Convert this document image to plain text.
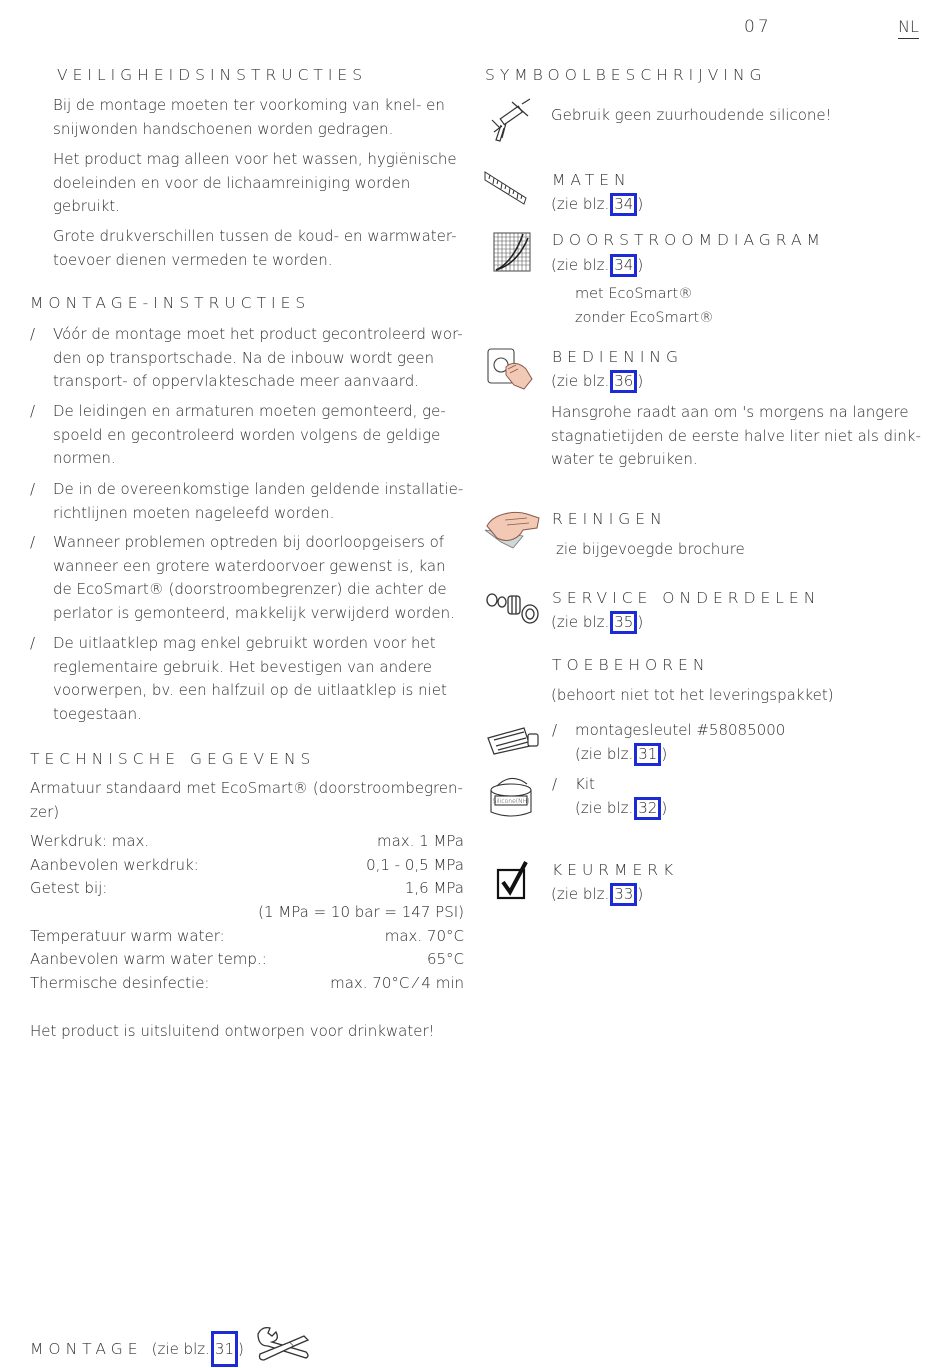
07	NL
VEILIGHEIDSINSTRUCTIES
Bij de montage moeten ter voorkoming van knel- en
snijwonden handschoenen worden gedragen.
Het product mag alleen voor het wassen, hygiënische
doeleinden en voor de lichaamreiniging worden
gebruikt.
Grote drukverschillen tussen de koud- en warmwater-
toevoer dienen vermeden te worden.
MONTAGE-INSTRUCTIES
/ Vóór de montage moet het product gecontroleerd wor-
den op transportschade. Na de inbouw wordt geen
transport- of oppervlakteschade meer aanvaard.
/ De leidingen en armaturen moeten gemonteerd, ge-
spoeld en gecontroleerd worden volgens de geldige
normen.
/ De in de overeenkomstige landen geldende installatie-
richtlijnen moeten nageleefd worden.
/ Wanneer problemen optreden bij doorloopgeisers of
wanneer een grotere waterdoorvoer gewenst is, kan
de EcoSmart® (doorstroombegrenzer) die achter de
perlator is gemonteerd, makkelijk verwijderd worden.
/ De uitlaatklep mag enkel gebruikt worden voor het
reglementaire gebruik. Het bevestigen van andere
voorwerpen, bv. een halfzuil op de uitlaatklep is niet
toegestaan.
TECHNISCHE GEGEVENS
Armatuur standaard met EcoSmart® (doorstroombegren-
zer)
Werkdruk: max.	max. 1 MPa
Aanbevolen werkdruk:	0,1 - 0,5 MPa
Getest bij:	1,6 MPa
(1 MPa = 10 bar = 147 PSI)
Temperatuur warm water:	max. 70°C
Aanbevolen warm water temp.:	65°C
Thermische desinfectie:	max. 70°C ⁄ 4 min
Het product is uitsluitend ontworpen voor drinkwater!
SYMBOOLBESCHRIJVING
Gebruik geen zuurhoudende silicone!
MATEN
(zie blz. 34 )
DOORSTROOMDIAGRAM
(zie blz. 34 )
met EcoSmart®
zonder EcoSmart®
BEDIENING
(zie blz. 36 )
Hansgrohe raadt aan om 's morgens na langere
stagnatietijden de eerste halve liter niet als dink-
water te gebruiken.
REINIGEN
zie bijgevoegde brochure
SERVICE ONDERDELEN
(zie blz. 35 )
TOEBEHOREN
(behoort niet tot het leveringspakket)
/ montagesleutel #58085000
(zie blz. 31 )
Silicone(NH)
/ Kit
(zie blz. 32 )
KEURMERK
(zie blz. 33 )
MONTAGE (zie blz. 31 )
